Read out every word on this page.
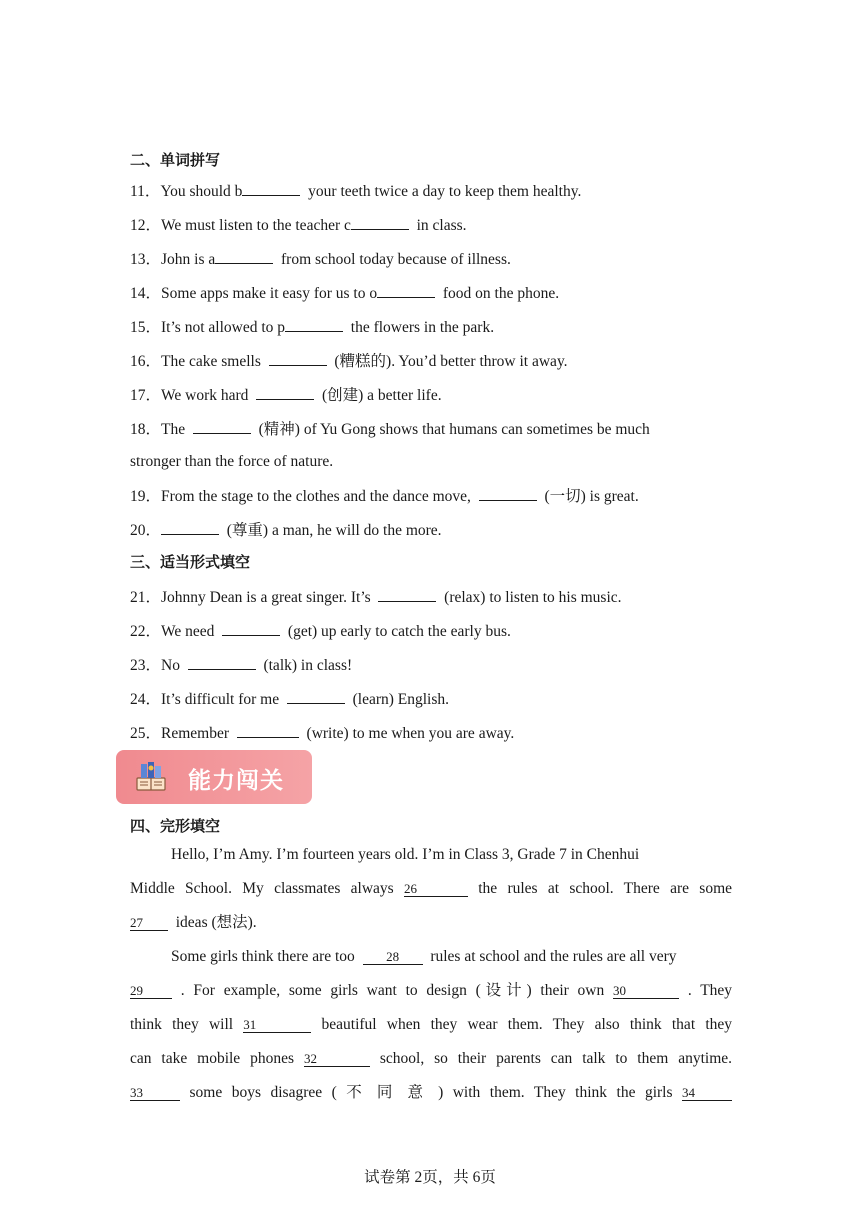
二、单词拼写
11．You should b	your teeth twice a day to keep them healthy.
12．We must listen to the teacher c	in class.
13．John is a	from school today because of illness.
14．Some apps make it easy for us to o	food on the phone.
15．It’s not allowed to p	the flowers in the park.
16．The cake smells	(糟糕的). You’d better throw it away.
17．We work hard	(创建) a better life.
18．The	(精神) of Yu Gong shows that humans can sometimes be much
stronger than the force of nature.
19．From the stage to the clothes and the dance move,	(一切) is great.
20．	(尊重) a man, he will do the more.
三、适当形式填空
21．Johnny Dean is a great singer. It’s	(relax) to listen to his music.
22．We need	(get) up early to catch the early bus.
23．No	(talk) in class!
24．It’s difficult for me	(learn) English.
25．Remember	(write) to me when you are away.
能力闯关
四、完形填空
Hello, I’m Amy. I’m fourteen years old. I’m in Class 3, Grade 7 in Chenhui
Middle School. My classmates always 26	the rules at school. There are some
27 ideas (想法).
Some girls think there are too 28 rules at school and the rules are all very
29 . For example, some girls want to design (设计) their own 30	. They
think they will 31	beautiful when they wear them. They also think that they
can take mobile phones 32	school, so their parents can talk to them anytime.
33	some boys disagree ( 不 同 意 ) with them. They think the girls 34
试卷第 2页，共 6页
